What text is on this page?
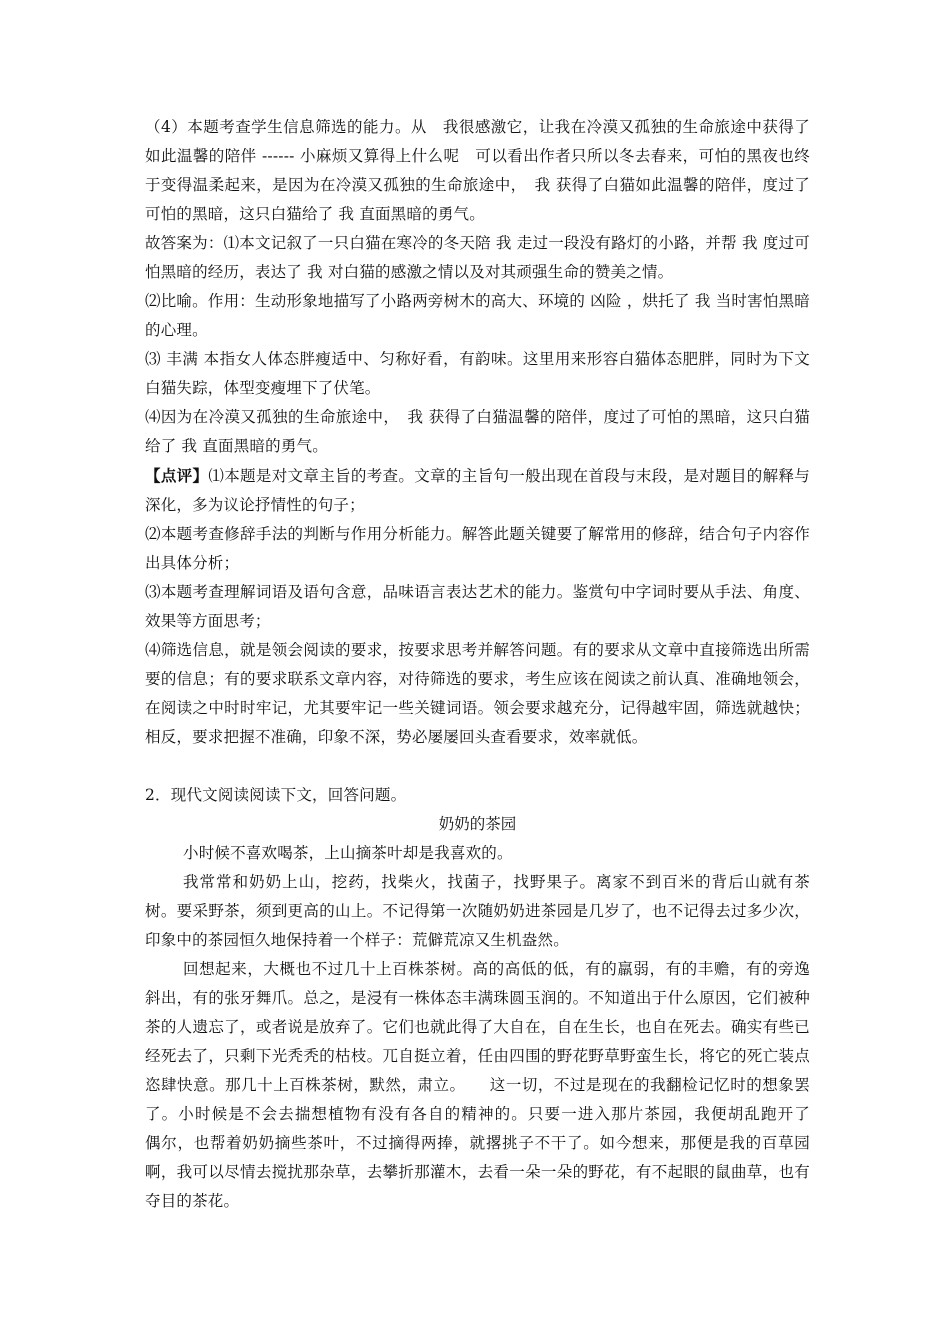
（4）本题考查学生信息筛选的能力。从　我很感激它，让我在冷漠又孤独的生命旅途中获得了如此温馨的陪伴 ------ 小麻烦又算得上什么呢　可以看出作者只所以冬去春来，可怕的黑夜也终于变得温柔起来，是因为在冷漠又孤独的生命旅途中，　我 获得了白猫如此温馨的陪伴，度过了可怕的黑暗，这只白猫给了 我 直面黑暗的勇气。

故答案为：⑴本文记叙了一只白猫在寒冷的冬天陪 我 走过一段没有路灯的小路，并帮 我 度过可怕黑暗的经历，表达了 我 对白猫的感激之情以及对其顽强生命的赞美之情。

⑵比喻。作用：生动形象地描写了小路两旁树木的高大、环境的 凶险 ，烘托了 我 当时害怕黑暗的心理。

⑶ 丰满 本指女人体态胖瘦适中、匀称好看，有韵味。这里用来形容白猫体态肥胖，同时为下文白猫失踪，体型变瘦埋下了伏笔。

⑷因为在冷漠又孤独的生命旅途中，　我 获得了白猫温馨的陪伴，度过了可怕的黑暗，这只白猫给了 我 直面黑暗的勇气。

【点评】⑴本题是对文章主旨的考查。文章的主旨句一般出现在首段与末段，是对题目的解释与深化，多为议论抒情性的句子；

⑵本题考查修辞手法的判断与作用分析能力。解答此题关键要了解常用的修辞，结合句子内容作出具体分析；

⑶本题考查理解词语及语句含意，品味语言表达艺术的能力。鉴赏句中字词时要从手法、角度、效果等方面思考；

⑷筛选信息，就是领会阅读的要求，按要求思考并解答问题。有的要求从文章中直接筛选出所需要的信息；有的要求联系文章内容，对待筛选的要求，考生应该在阅读之前认真、准确地领会，在阅读之中时时牢记，尤其要牢记一些关键词语。领会要求越充分，记得越牢固，筛选就越快；相反，要求把握不准确，印象不深，势必屡屡回头查看要求，效率就低。

2．现代文阅读阅读下文，回答问题。

奶奶的茶园

小时候不喜欢喝茶，上山摘茶叶却是我喜欢的。

我常常和奶奶上山，挖药，找柴火，找菌子，找野果子。离家不到百米的背后山就有茶树。要采野茶，须到更高的山上。不记得第一次随奶奶进茶园是几岁了，也不记得去过多少次，印象中的茶园恒久地保持着一个样子：荒僻荒凉又生机盎然。

回想起来，大概也不过几十上百株茶树。高的高低的低，有的羸弱，有的丰赡，有的旁逸斜出，有的张牙舞爪。总之，是浸有一株体态丰满珠圆玉润的。不知道出于什么原因，它们被种茶的人遗忘了，或者说是放弃了。它们也就此得了大自在，自在生长，也自在死去。确实有些已经死去了，只剩下光秃秃的枯枝。兀自挺立着，任由四围的野花野草野蛮生长，将它的死亡装点恣肆快意。那几十上百株茶树，默然，肃立。　　这一切，不过是现在的我翻检记忆时的想象罢了。小时候是不会去揣想植物有没有各自的精神的。只要一进入那片茶园，我便胡乱跑开了　　偶尔，也帮着奶奶摘些茶叶，不过摘得两捧，就撂挑子不干了。如今想来，那便是我的百草园啊，我可以尽情去搅扰那杂草，去攀折那灌木，去看一朵一朵的野花，有不起眼的鼠曲草，也有夺目的茶花。
